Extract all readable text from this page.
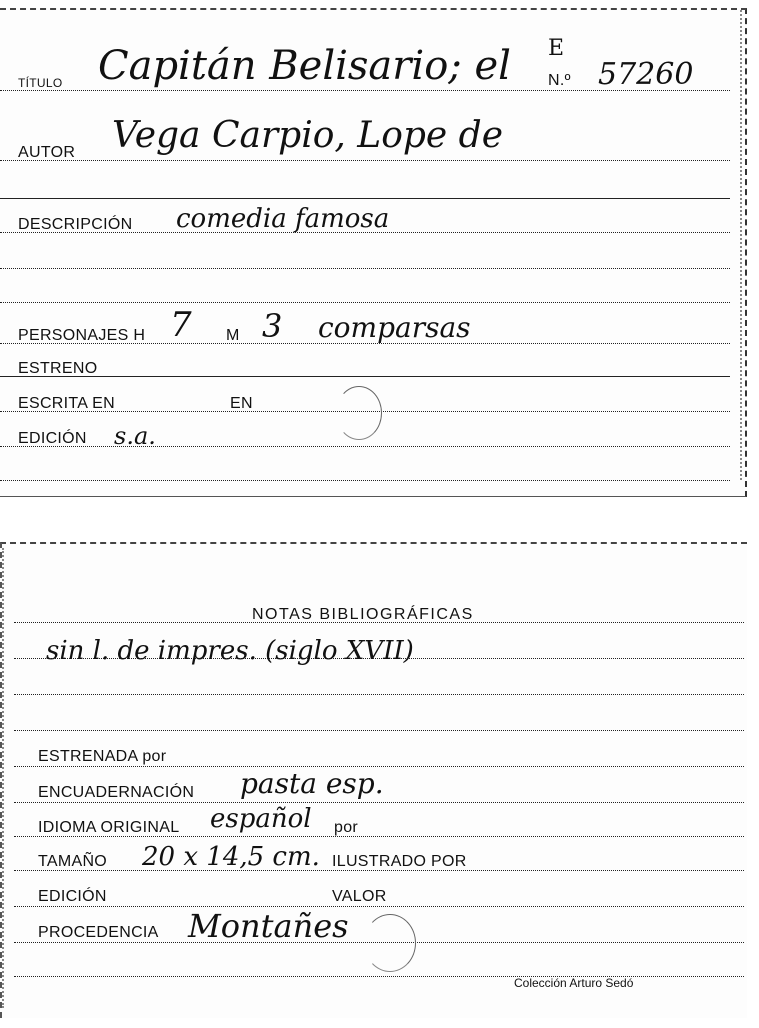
TÍTULO Capitán Belisario; el E
N.º 57260
AUTOR Vega Carpio, Lope de
DESCRIPCIÓN comedia famosa
PERSONAJES H 7 M 3 comparsas
ESTRENO
ESCRITA EN	EN
EDICIÓN s.a.
NOTAS BIBLIOGRÁFICAS
sin l. de impres. (siglo XVII)
ESTRENADA por
ENCUADERNACIÓN pasta esp.
IDIOMA ORIGINAL español por
TAMAÑO 20 x 14,5 cm. ILUSTRADO POR
EDICIÓN	VALOR
PROCEDENCIA Montañes
Colección Arturo Sedó
